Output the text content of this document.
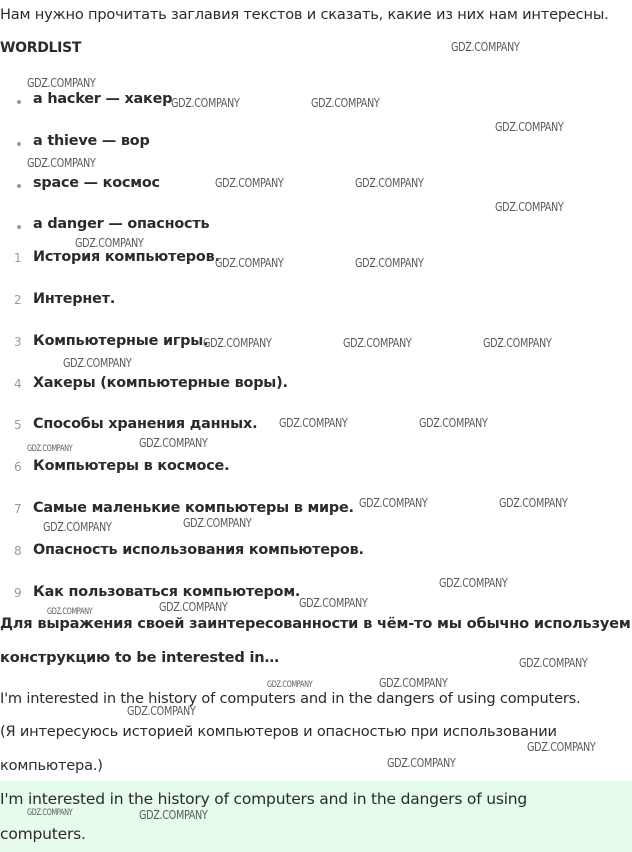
Нам нужно прочитать заглавия текстов и сказать, какие из них нам интересны.
WORDLIST
a hacker — хакер
a thieve — вор
space — космос
a danger — опасность
1 История компьютеров.
2 Интернет.
3 Компьютерные игры.
4 Хакеры (компьютерные воры).
5 Способы хранения данных.
6 Компьютеры в космосе.
7 Самые маленькие компьютеры в мире.
8 Опасность использования компьютеров.
9 Как пользоваться компьютером.
Для выражения своей заинтересованности в чём-то мы обычно используем
конструкцию to be interested in…
I'm interested in the history of computers and in the dangers of using computers.
(Я интересуюсь историей компьютеров и опасностью при использовании
компьютера.)
I'm interested in the history of computers and in the dangers of using
computers.
GDZ.COMPANY
GDZ.COMPANY
GDZ.COMPANY	GDZ.COMPANY
GDZ.COMPANY
GDZ.COMPANY
GDZ.COMPANY	GDZ.COMPANY
GDZ.COMPANY
GDZ.COMPANY
GDZ.COMPANY	GDZ.COMPANY
GDZ.COMPANY	GDZ.COMPANY	GDZ.COMPANY
GDZ.COMPANY
GDZ.COMPANY	GDZ.COMPANY
GDZ.COMPANY	GDZ.COMPANY
GDZ.COMPANY	GDZ.COMPANY
GDZ.COMPANY	GDZ.COMPANY
GDZ.COMPANY
GDZ.COMPANY	GDZ.COMPANY	GDZ.COMPANY
GDZ.COMPANY
GDZ.COMPANY	GDZ.COMPANY
GDZ.COMPANY
GDZ.COMPANY
GDZ.COMPANY
GDZ.COMPANY	GDZ.COMPANY
